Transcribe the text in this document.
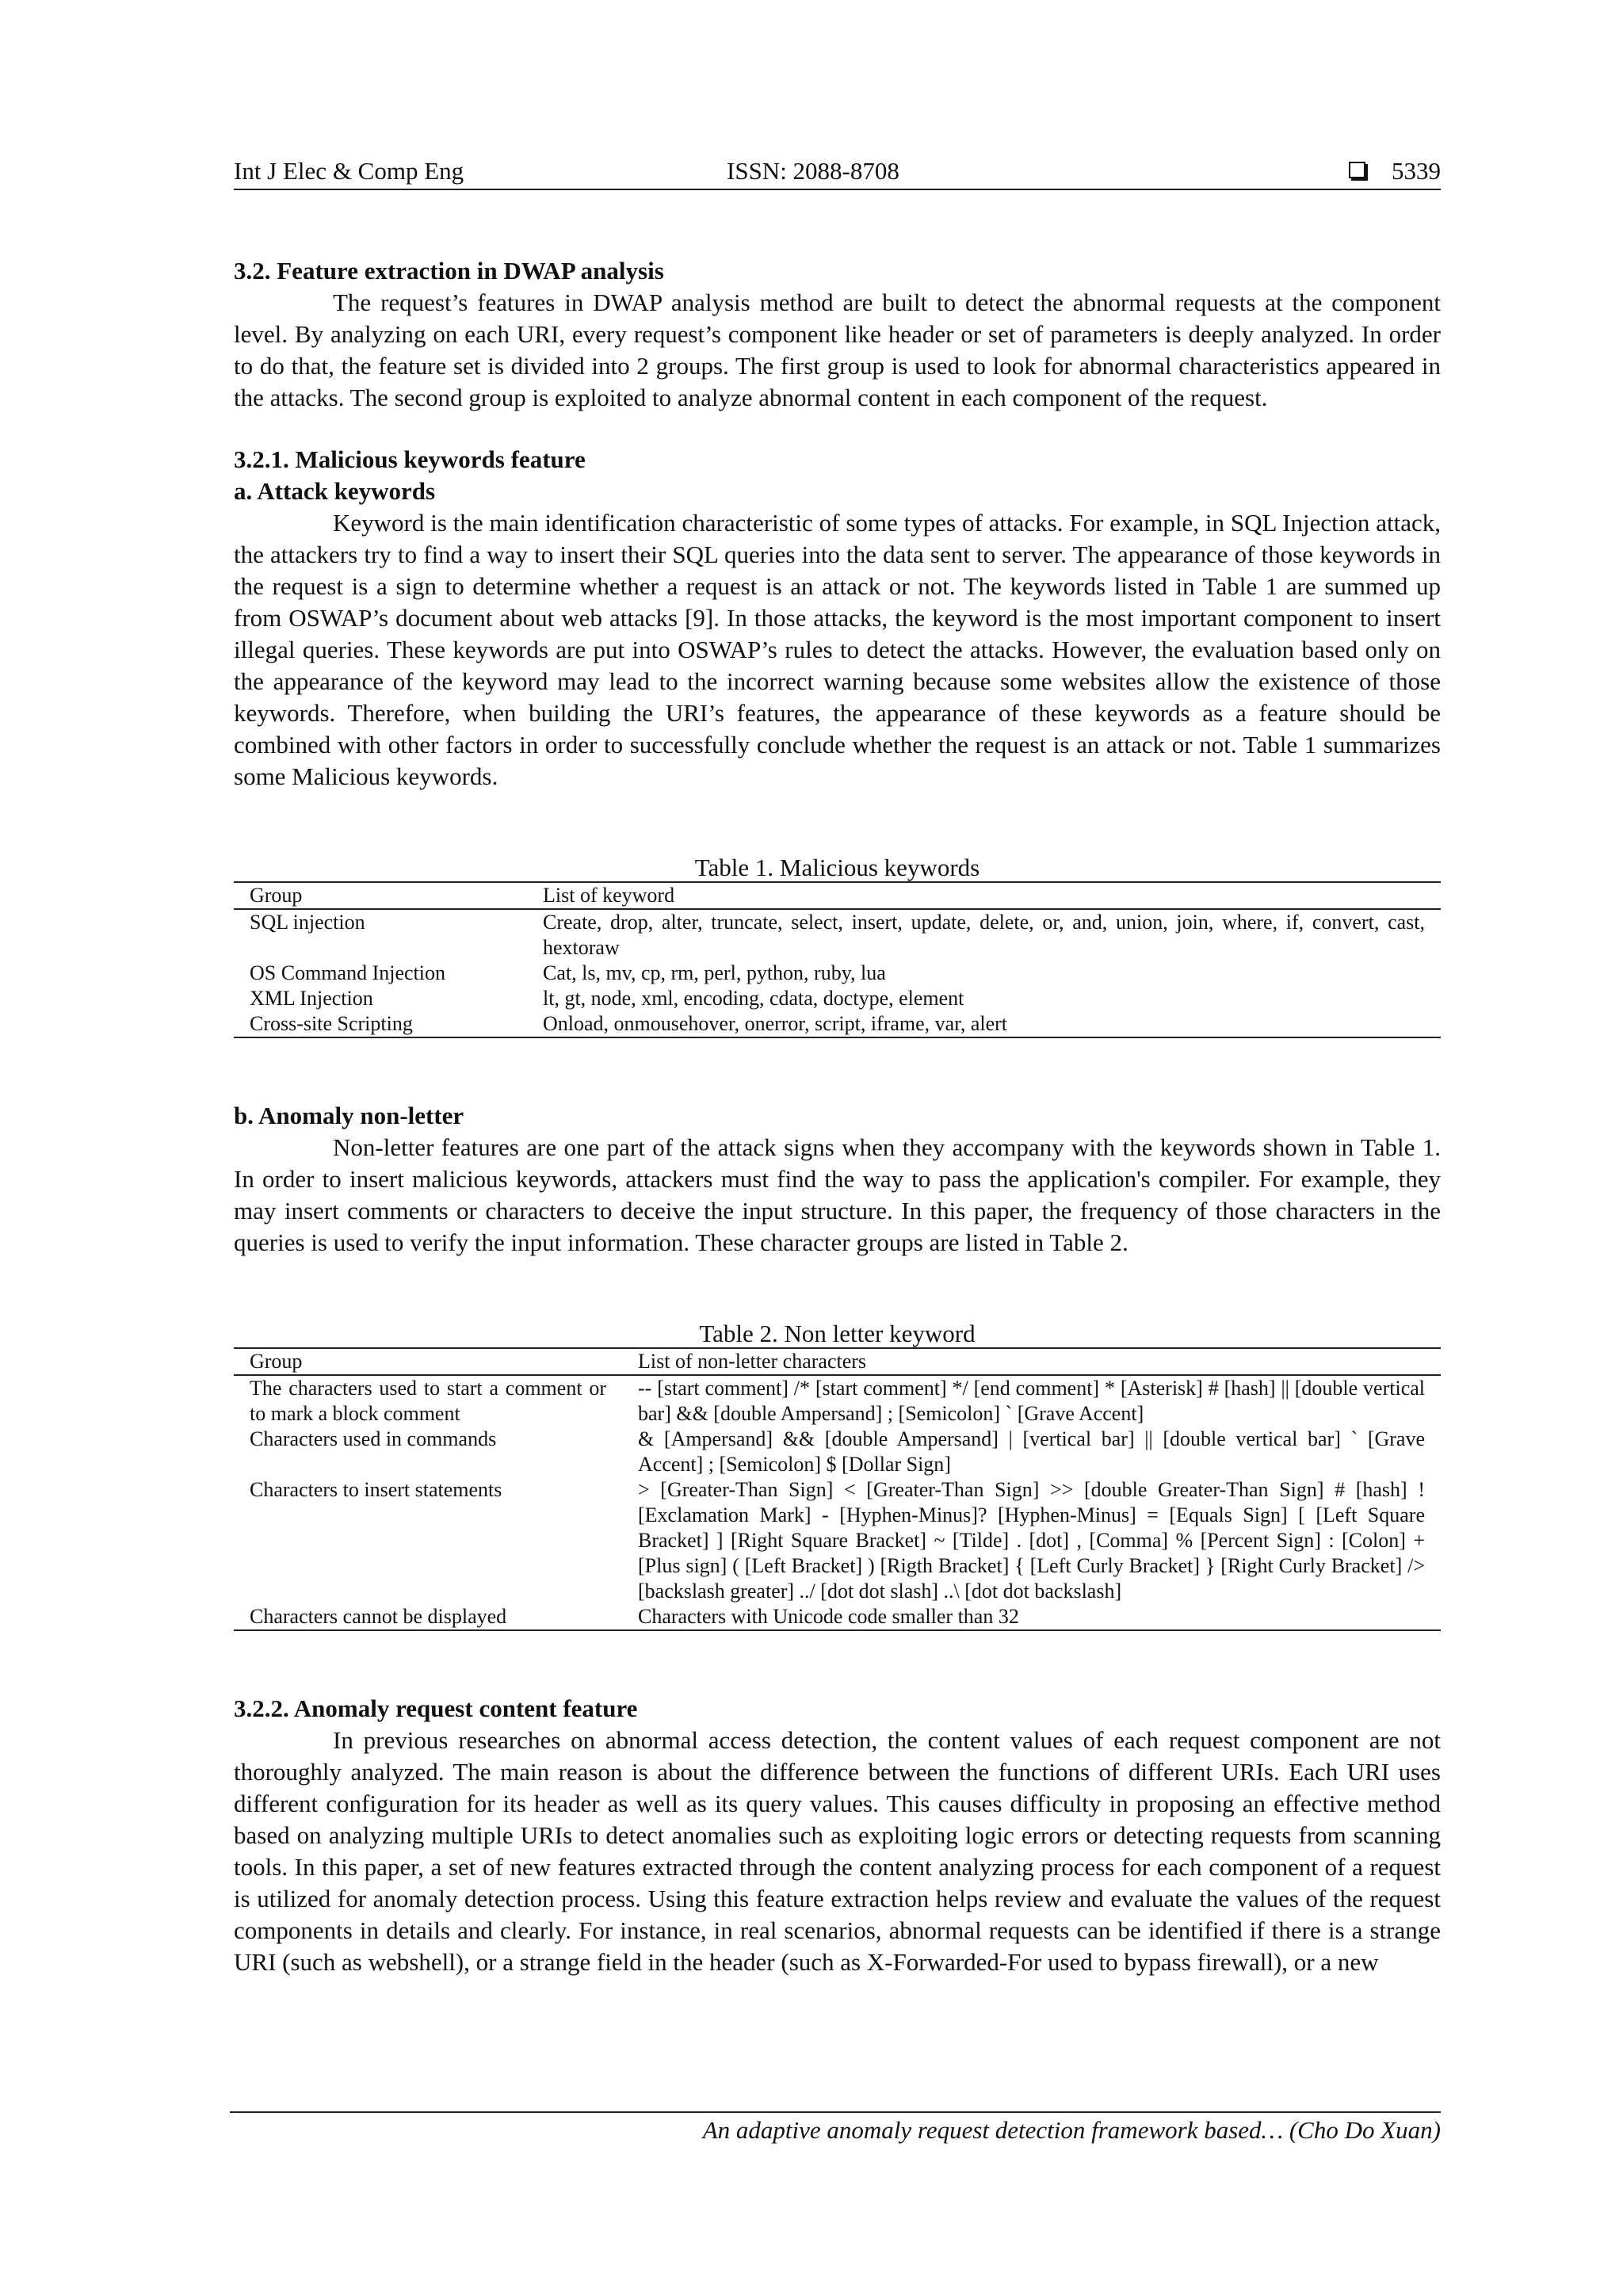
Int J Elec & Comp Eng	ISSN: 2088-8708	5339
3.2. Feature extraction in DWAP analysis

The request’s features in DWAP analysis method are built to detect the abnormal requests at the component level. By analyzing on each URI, every request’s component like header or set of parameters is deeply analyzed. In order to do that, the feature set is divided into 2 groups. The first group is used to look for abnormal characteristics appeared in the attacks. The second group is exploited to analyze abnormal content in each component of the request.

3.2.1. Malicious keywords feature
a. Attack keywords

Keyword is the main identification characteristic of some types of attacks. For example, in SQL Injection attack, the attackers try to find a way to insert their SQL queries into the data sent to server. The appearance of those keywords in the request is a sign to determine whether a request is an attack or not. The keywords listed in Table 1 are summed up from OSWAP’s document about web attacks [9]. In those attacks, the keyword is the most important component to insert illegal queries. These keywords are put into OSWAP’s rules to detect the attacks. However, the evaluation based only on the appearance of the keyword may lead to the incorrect warning because some websites allow the existence of those keywords. Therefore, when building the URI’s features, the appearance of these keywords as a feature should be combined with other factors in order to successfully conclude whether the request is an attack or not. Table 1 summarizes some Malicious keywords.

Table 1. Malicious keywords
Group	List of keyword
SQL injection	Create, drop, alter, truncate, select, insert, update, delete, or, and, union, join, where, if, convert, cast, hextoraw
OS Command Injection	Cat, ls, mv, cp, rm, perl, python, ruby, lua
XML Injection	lt, gt, node, xml, encoding, cdata, doctype, element
Cross-site Scripting	Onload, onmousehover, onerror, script, iframe, var, alert
b. Anomaly non-letter

Non-letter features are one part of the attack signs when they accompany with the keywords shown in Table 1. In order to insert malicious keywords, attackers must find the way to pass the application's compiler. For example, they may insert comments or characters to deceive the input structure. In this paper, the frequency of those characters in the queries is used to verify the input information. These character groups are listed in Table 2.

Table 2. Non letter keyword
Group	List of non-letter characters
The characters used to start a comment or to mark a block comment	-- [start comment] /* [start comment] */ [end comment] * [Asterisk] # [hash] || [double vertical bar] && [double Ampersand] ; [Semicolon] ` [Grave Accent]
Characters used in commands	& [Ampersand] && [double Ampersand] | [vertical bar] || [double vertical bar] ` [Grave Accent] ; [Semicolon] $ [Dollar Sign]
Characters to insert statements	> [Greater-Than Sign] < [Greater-Than Sign] >> [double Greater-Than Sign] # [hash] ! [Exclamation Mark] - [Hyphen-Minus]? [Hyphen-Minus] = [Equals Sign] [ [Left Square Bracket] ] [Right Square Bracket] ~ [Tilde] . [dot] , [Comma] % [Percent Sign] : [Colon] + [Plus sign] ( [Left Bracket] ) [Rigth Bracket] { [Left Curly Bracket] } [Right Curly Bracket] /> [backslash greater] ../ [dot dot slash] ..\ [dot dot backslash]
Characters cannot be displayed	Characters with Unicode code smaller than 32
3.2.2. Anomaly request content feature

In previous researches on abnormal access detection, the content values of each request component are not thoroughly analyzed. The main reason is about the difference between the functions of different URIs. Each URI uses different configuration for its header as well as its query values. This causes difficulty in proposing an effective method based on analyzing multiple URIs to detect anomalies such as exploiting logic errors or detecting requests from scanning tools. In this paper, a set of new features extracted through the content analyzing process for each component of a request is utilized for anomaly detection process. Using this feature extraction helps review and evaluate the values of the request components in details and clearly. For instance, in real scenarios, abnormal requests can be identified if there is a strange URI (such as webshell), or a strange field in the header (such as X-Forwarded-For used to bypass firewall), or a new

An adaptive anomaly request detection framework based… (Cho Do Xuan)
